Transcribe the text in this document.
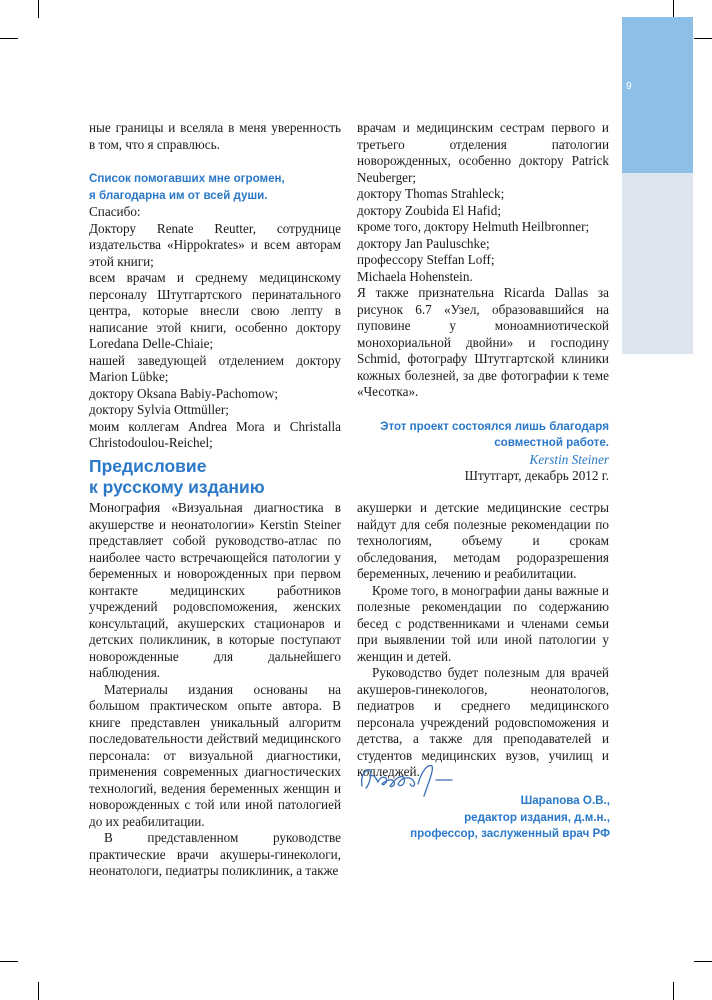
9

ные границы и вселяла в меня уверенность в том, что я справлюсь.

Список помогавших мне огромен,

я благодарна им от всей души.

Спасибо:

Доктору Renate Reutter, сотруднице издательства «Hippokrates» и всем авторам этой книги;

всем врачам и среднему медицинскому персоналу Штутгартского перинатального центра, которые внесли свою лепту в написание этой книги, особенно доктору Loredana Delle-Chiaie;

нашей заведующей отделением доктору Marion Lübke;

доктору Oksana Babiy-Pachomow;

доктору Sylvia Ottmüller;

моим коллегам Andrea Mora и Christalla Christodoulou-Reichel;

врачам и медицинским сестрам первого и третьего отделения патологии новорожденных, особенно доктору Patrick Neuberger;

доктору Thomas Strahleck;

доктору Zoubida El Hafid;

кроме того, доктору Helmuth Heilbronner;

доктору Jan Pauluschke;

профессору Steffan Loff;

Michaela Hohenstein.

Я также признательна Ricarda Dallas за рисунок 6.7 «Узел, образовавшийся на пуповине у моноамниотической монохориальной двойни» и господину Schmid, фотографу Штутгартской клиники кожных болезней, за две фотографии к теме «Чесотка».

Этот проект состоялся лишь благодаря

совместной работе.

Kerstin Steiner

Штутгарт, декабрь 2012 г.

Предисловие
к русскому изданию

Монография «Визуальная диагностика в акушерстве и неонатологии» Kerstin Steiner представляет собой руководство-атлас по наиболее часто встречающейся патологии у беременных и новорожденных при первом контакте медицинских работников учреждений родовспоможения, женских консультаций, акушерских стационаров и детских поликлиник, в которые поступают новорожденные для дальнейшего наблюдения.

Материалы издания основаны на большом практическом опыте автора. В книге представлен уникальный алгоритм последовательности действий медицинского персонала: от визуальной диагностики, применения современных диагностических технологий, ведения беременных женщин и новорожденных с той или иной патологией до их реабилитации.

В представленном руководстве практические врачи акушеры-гинекологи, неонатологи, педиатры поликлиник, а также

акушерки и детские медицинские сестры найдут для себя полезные рекомендации по технологиям, объему и срокам обследования, методам родоразрешения беременных, лечению и реабилитации.

Кроме того, в монографии даны важные и полезные рекомендации по содержанию бесед с родственниками и членами семьи при выявлении той или иной патологии у женщин и детей.

Руководство будет полезным для врачей акушеров-гинекологов, неонатологов, педиатров и среднего медицинского персонала учреждений родовспоможения и детства, а также для преподавателей и студентов медицинских вузов, училищ и колледжей.

Шарапова О.В.,
редактор издания, д.м.н.,
профессор, заслуженный врач РФ
